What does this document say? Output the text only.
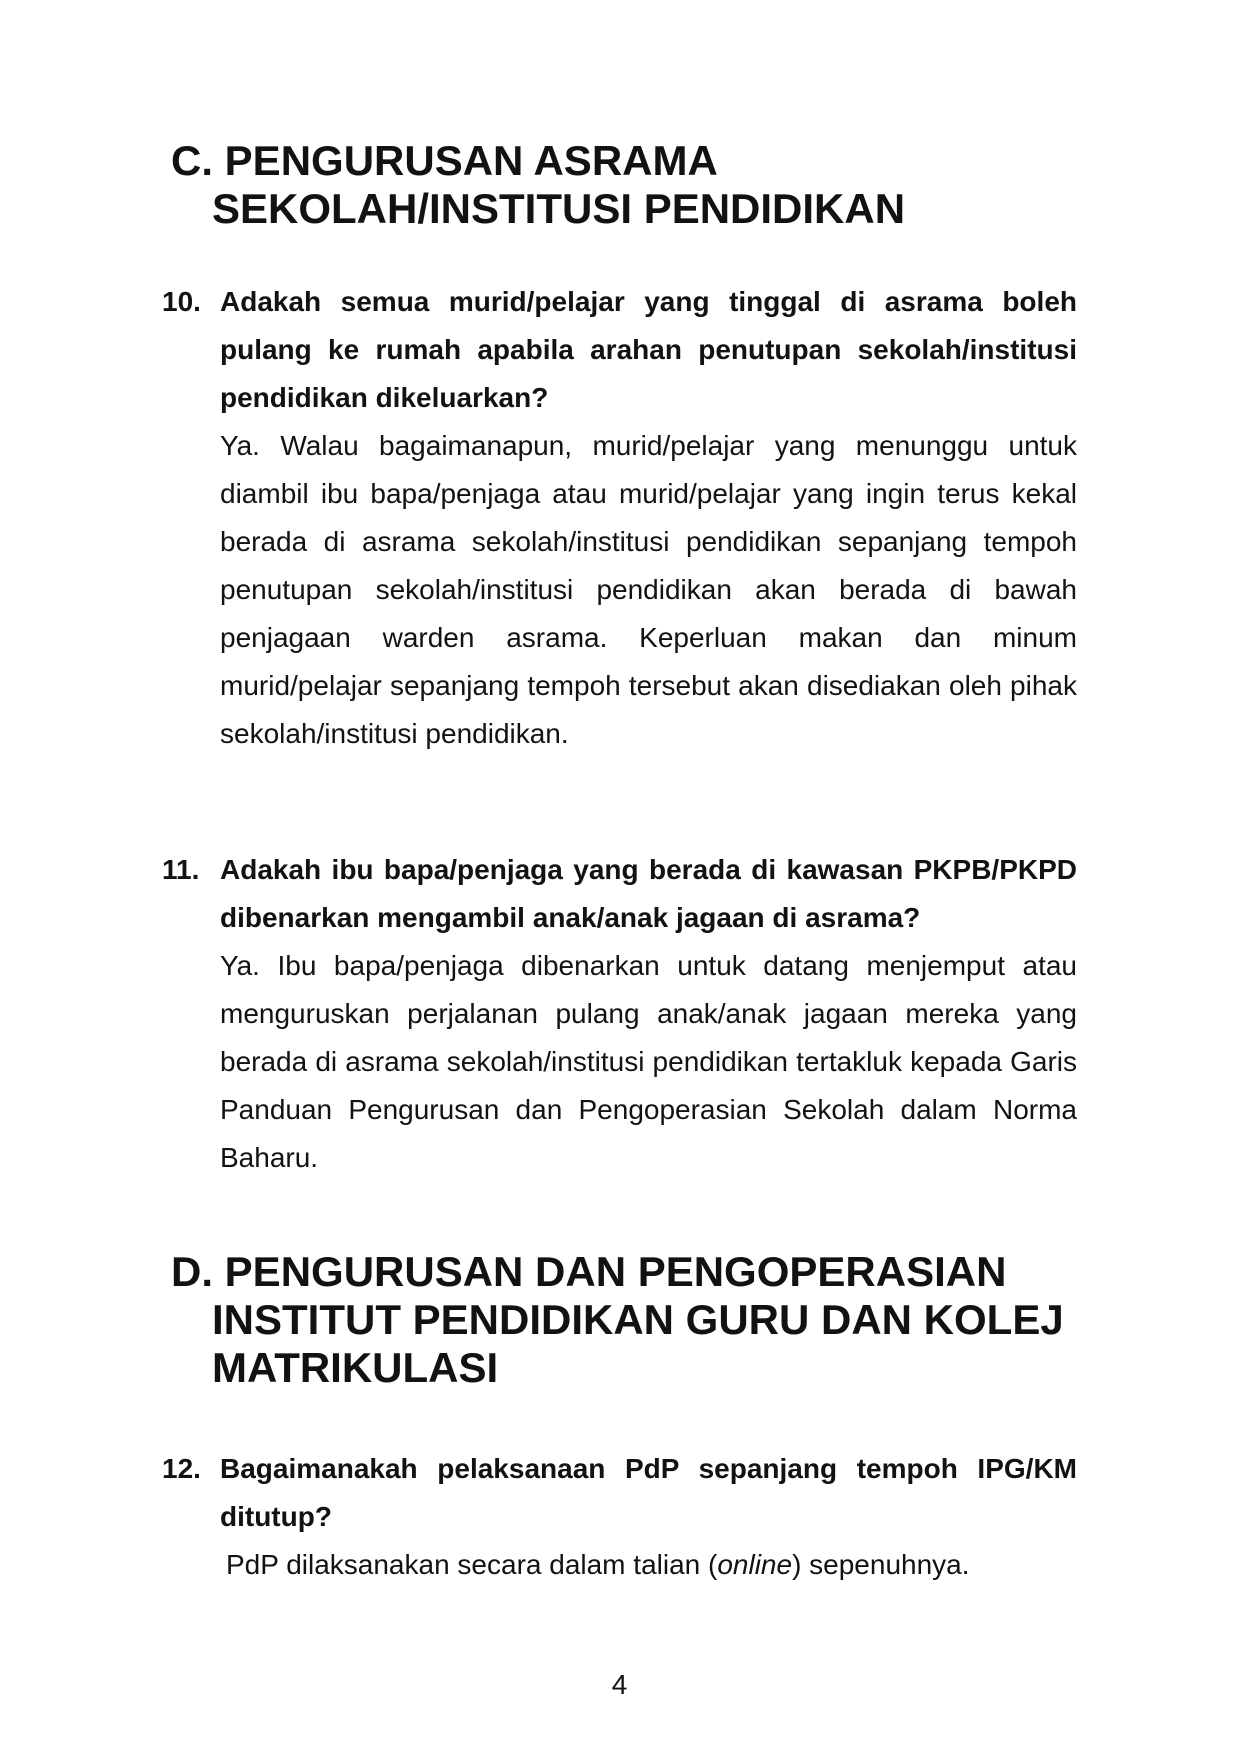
C. PENGURUSAN ASRAMA SEKOLAH/INSTITUSI PENDIDIKAN
10. Adakah semua murid/pelajar yang tinggal di asrama boleh pulang ke rumah apabila arahan penutupan sekolah/institusi pendidikan dikeluarkan?

Ya. Walau bagaimanapun, murid/pelajar yang menunggu untuk diambil ibu bapa/penjaga atau murid/pelajar yang ingin terus kekal berada di asrama sekolah/institusi pendidikan sepanjang tempoh penutupan sekolah/institusi pendidikan akan berada di bawah penjagaan warden asrama. Keperluan makan dan minum murid/pelajar sepanjang tempoh tersebut akan disediakan oleh pihak sekolah/institusi pendidikan.

11. Adakah ibu bapa/penjaga yang berada di kawasan PKPB/PKPD dibenarkan mengambil anak/anak jagaan di asrama?

Ya. Ibu bapa/penjaga dibenarkan untuk datang menjemput atau menguruskan perjalanan pulang anak/anak jagaan mereka yang berada di asrama sekolah/institusi pendidikan tertakluk kepada Garis Panduan Pengurusan dan Pengoperasian Sekolah dalam Norma Baharu.

D. PENGURUSAN DAN PENGOPERASIAN INSTITUT PENDIDIKAN GURU DAN KOLEJ MATRIKULASI
12. Bagaimanakah pelaksanaan PdP sepanjang tempoh IPG/KM ditutup?

PdP dilaksanakan secara dalam talian (online) sepenuhnya.

4
